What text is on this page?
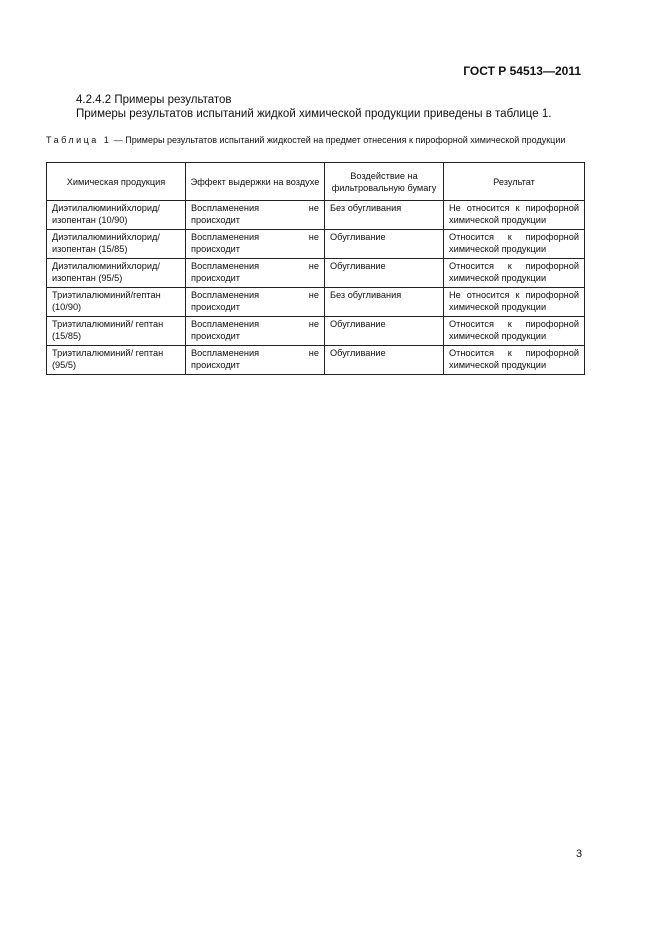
ГОСТ Р 54513—2011
4.2.4.2 Примеры результатов
Примеры результатов испытаний жидкой химической продукции приведены в таблице 1.
Таблица 1 — Примеры результатов испытаний жидкостей на предмет отнесения к пирофорной химической продукции
Химическая продукция	Эффект выдержки на воздухе	Воздействие на фильтровальную бумагу	Результат
Диэтилалюминийхлорид/ изопентан (10/90)	Воспламенения не происходит	Без обугливания	Не относится к пирофорной химической продукции
Диэтилалюминийхлорид/ изопентан (15/85)	Воспламенения не происходит	Обугливание	Относится к пирофорной химической продукции
Диэтилалюминийхлорид/ изопентан (95/5)	Воспламенения не происходит	Обугливание	Относится к пирофорной химической продукции
Триэтилалюминий/гептан (10/90)	Воспламенения не происходит	Без обугливания	Не относится к пирофорной химической продукции
Триэтилалюминий/ гептан (15/85)	Воспламенения не происходит	Обугливание	Относится к пирофорной химической продукции
Триэтилалюминий/ гептан (95/5)	Воспламенения не происходит	Обугливание	Относится к пирофорной химической продукции
3
